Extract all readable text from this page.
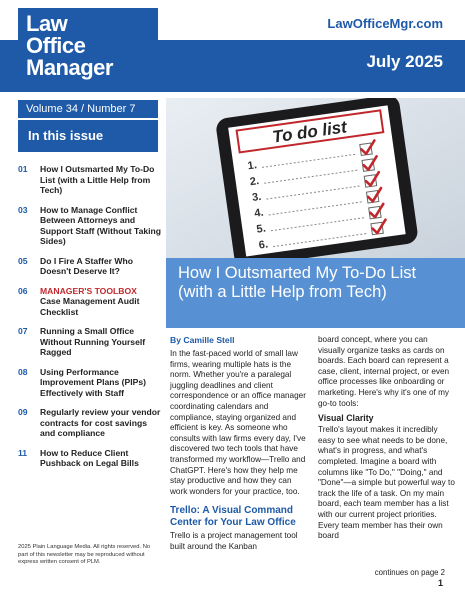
Law
Office
Manager
LawOfficeMgr.com
July 2025
Volume 34 / Number 7
In this issue
01	How I Outsmarted My To-Do List (with a Little Help from Tech)
03	How to Manage Conflict Between Attorneys and Support Staff (Without Taking Sides)
05	Do I Fire A Staffer Who Doesn't Deserve It?
06	MANAGER'S TOOLBOX
Case Management Audit Checklist
07	Running a Small Office Without Running Yourself Ragged
08	Using Performance Improvement Plans (PIPs) Effectively with Staff
09	Regularly review your vendor contracts for cost savings and compliance
11	How to Reduce Client Pushback on Legal Bills
2025 Plain Language Media. All rights reserved. No part of this newsletter may be reproduced without express written consent of PLM.
To do list
1.
2.
3.
4.
5.
6.
How I Outsmarted My To-Do List (with a Little Help from Tech)
By Camille Stell

In the fast-paced world of small law firms, wearing multiple hats is the norm. Whether you're a paralegal juggling deadlines and client correspondence or an office manager coordinating calendars and compliance, staying organized and efficient is key. As someone who consults with law firms every day, I've discovered two tech tools that have transformed my workflow—Trello and ChatGPT. Here's how they help me stay productive and how they can work wonders for your practice, too.

Trello: A Visual Command Center for Your Law Office

Trello is a project management tool built around the Kanban

board concept, where you can visually organize tasks as cards on boards. Each board can represent a case, client, internal project, or even office processes like onboarding or marketing. Here's why it's one of my go-to tools:

Visual Clarity

Trello's layout makes it incredibly easy to see what needs to be done, what's in progress, and what's completed. Imagine a board with columns like "To Do," "Doing," and "Done"—a simple but powerful way to track the life of a task. On my main board, each team member has a list with our current project priorities. Every team member has their own board

continues on page 2
1
